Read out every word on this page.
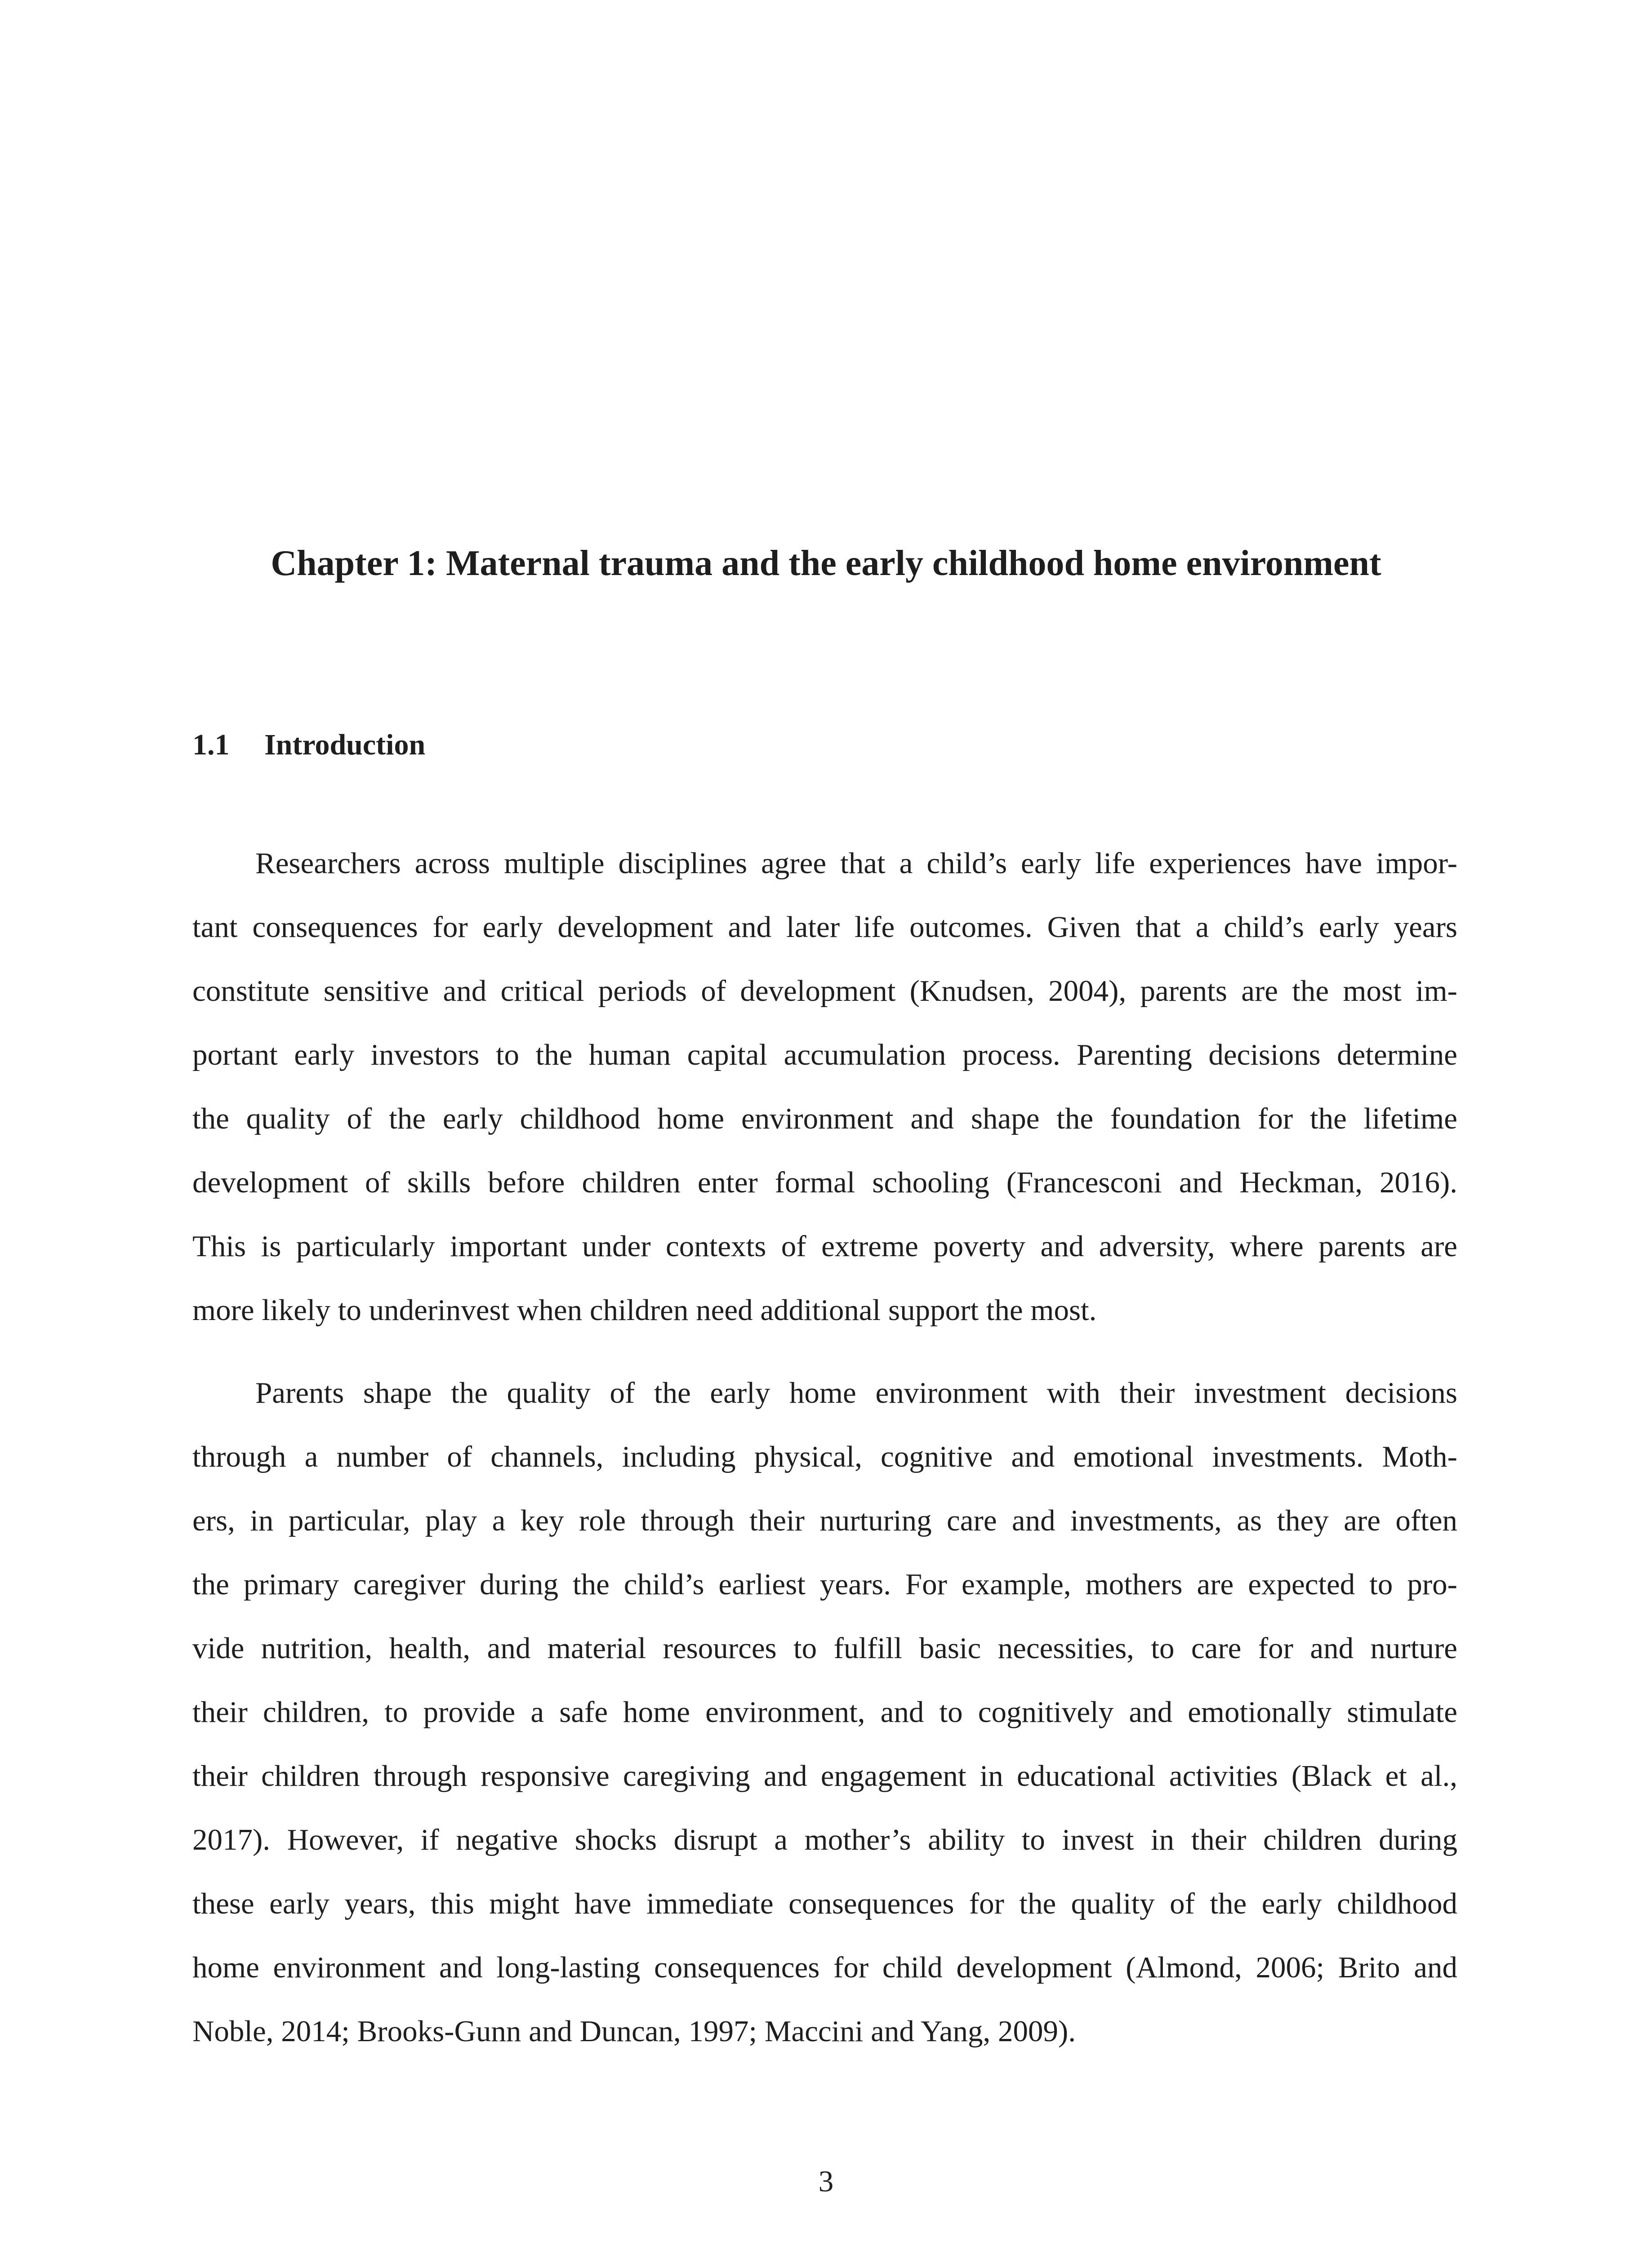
Chapter 1: Maternal trauma and the early childhood home environment
1.1 Introduction
Researchers across multiple disciplines agree that a child’s early life experiences have impor-
tant consequences for early development and later life outcomes. Given that a child’s early years
constitute sensitive and critical periods of development (Knudsen, 2004), parents are the most im-
portant early investors to the human capital accumulation process. Parenting decisions determine
the quality of the early childhood home environment and shape the foundation for the lifetime
development of skills before children enter formal schooling (Francesconi and Heckman, 2016).
This is particularly important under contexts of extreme poverty and adversity, where parents are
more likely to underinvest when children need additional support the most.
Parents shape the quality of the early home environment with their investment decisions
through a number of channels, including physical, cognitive and emotional investments. Moth-
ers, in particular, play a key role through their nurturing care and investments, as they are often
the primary caregiver during the child’s earliest years. For example, mothers are expected to pro-
vide nutrition, health, and material resources to fulfill basic necessities, to care for and nurture
their children, to provide a safe home environment, and to cognitively and emotionally stimulate
their children through responsive caregiving and engagement in educational activities (Black et al.,
2017). However, if negative shocks disrupt a mother’s ability to invest in their children during
these early years, this might have immediate consequences for the quality of the early childhood
home environment and long-lasting consequences for child development (Almond, 2006; Brito and
Noble, 2014; Brooks-Gunn and Duncan, 1997; Maccini and Yang, 2009).
3
